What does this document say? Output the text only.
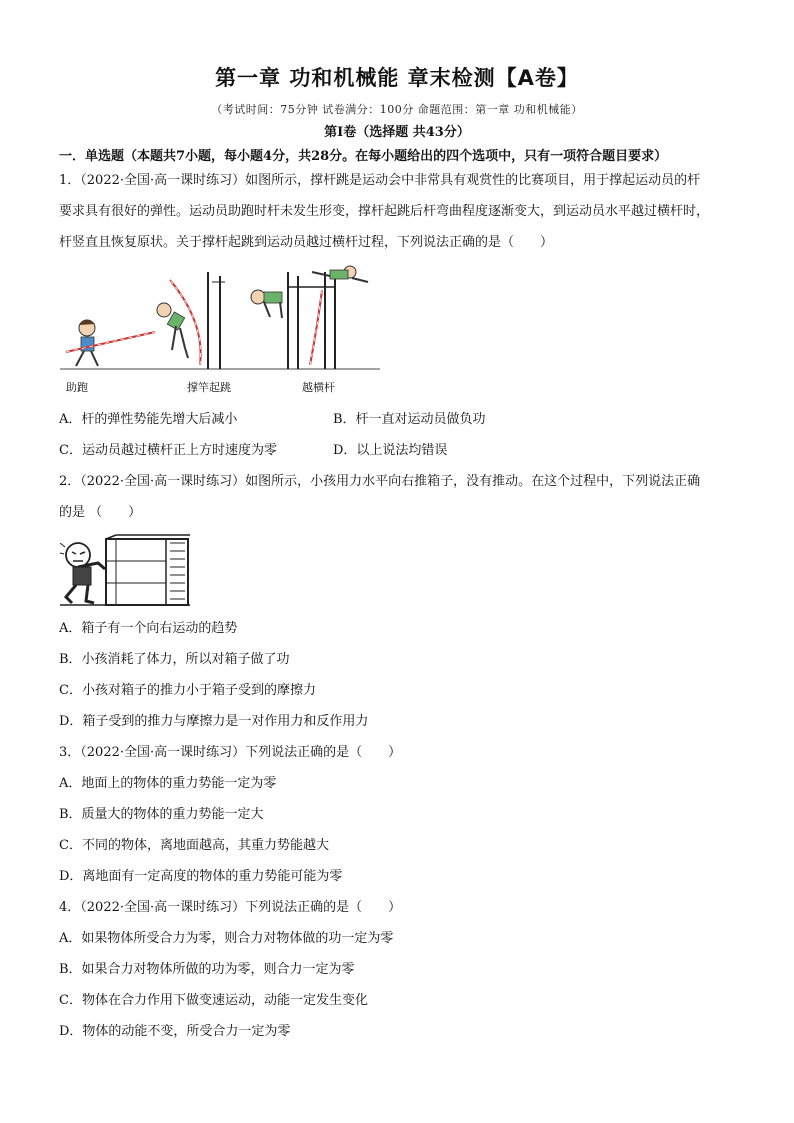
第一章 功和机械能 章末检测【A卷】
（考试时间：75分钟 试卷满分：100分 命题范围：第一章 功和机械能）
第Ⅰ卷（选择题 共43分）
一．单选题（本题共7小题，每小题4分，共28分。在每小题给出的四个选项中，只有一项符合题目要求）
1．（2022·全国·高一课时练习）如图所示，撑杆跳是运动会中非常具有观赏性的比赛项目，用于撑起运动员的杆
要求具有很好的弹性。运动员助跑时杆未发生形变，撑杆起跳后杆弯曲程度逐渐变大，到运动员水平越过横杆时，
杆竖直且恢复原状。关于撑杆起跳到运动员越过横杆过程，下列说法正确的是（　　）
助跑	撑竿起跳	越横杆
A．杆的弹性势能先增大后减小	B．杆一直对运动员做负功
C．运动员越过横杆正上方时速度为零	D．以上说法均错误
2．（2022·全国·高一课时练习）如图所示，小孩用力水平向右推箱子，没有推动。在这个过程中，下列说法正确
的是 （　　）
A．箱子有一个向右运动的趋势
B．小孩消耗了体力，所以对箱子做了功
C．小孩对箱子的推力小于箱子受到的摩擦力
D．箱子受到的推力与摩擦力是一对作用力和反作用力
3．（2022·全国·高一课时练习）下列说法正确的是（　　）
A．地面上的物体的重力势能一定为零
B．质量大的物体的重力势能一定大
C．不同的物体，离地面越高，其重力势能越大
D．离地面有一定高度的物体的重力势能可能为零
4．（2022·全国·高一课时练习）下列说法正确的是（　　）
A．如果物体所受合力为零，则合力对物体做的功一定为零
B．如果合力对物体所做的功为零，则合力一定为零
C．物体在合力作用下做变速运动，动能一定发生变化
D．物体的动能不变，所受合力一定为零
